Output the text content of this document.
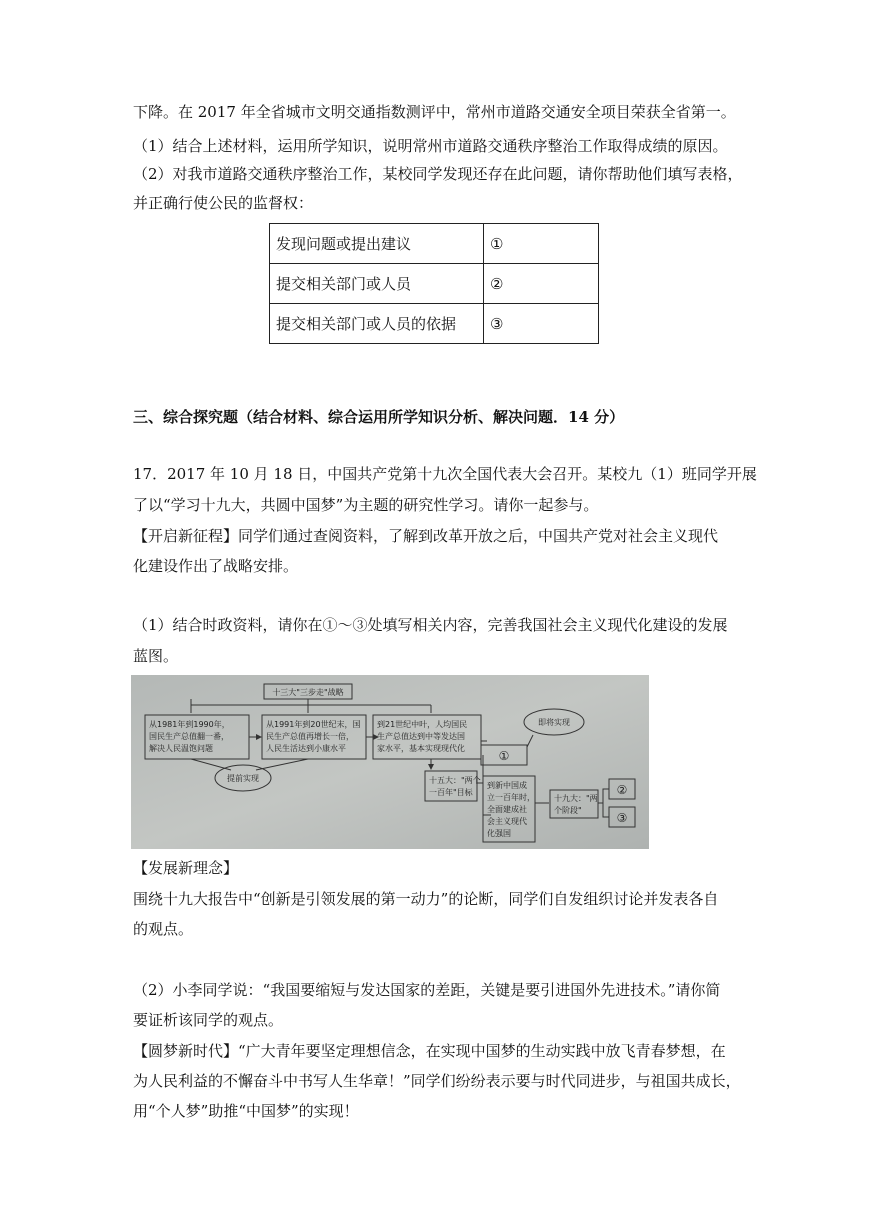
下降。在 2017 年全省城市文明交通指数测评中，常州市道路交通安全项目荣获全省第一。
（1）结合上述材料，运用所学知识，说明常州市道路交通秩序整治工作取得成绩的原因。
（2）对我市道路交通秩序整治工作，某校同学发现还存在此问题，请你帮助他们填写表格，
并正确行使公民的监督权：
发现问题或提出建议	①
提交相关部门或人员	②
提交相关部门或人员的依据	③
三、综合探究题（结合材料、综合运用所学知识分析、解决问题．14 分）
17．2017 年 10 月 18 日，中国共产党第十九次全国代表大会召开。某校九（1）班同学开展
了以“学习十九大，共圆中国梦”为主题的研究性学习。请你一起参与。
【开启新征程】同学们通过查阅资料，了解到改革开放之后，中国共产党对社会主义现代
化建设作出了战略安排。
（1）结合时政资料，请你在①～③处填写相关内容，完善我国社会主义现代化建设的发展
蓝图。
十三大"三步走"战略
从1981年到1990年，
国民生产总值翻一番，
解决人民温饱问题
从1991年到20世纪末，国
民生产总值再增长一倍，
人民生活达到小康水平
到21世纪中叶，人均国民
生产总值达到中等发达国
家水平，基本实现现代化
提前实现
①
即将实现
十五大："两个
一百年"目标
到新中国成
立一百年时，
全面建成社
会主义现代
化强国
十九大："两
个阶段"
②
③
【发展新理念】
围绕十九大报告中“创新是引领发展的第一动力”的论断，同学们自发组织讨论并发表各自
的观点。
（2）小李同学说：“我国要缩短与发达国家的差距，关键是要引进国外先进技术。”请你简
要证析该同学的观点。
【圆梦新时代】“广大青年要坚定理想信念，在实现中国梦的生动实践中放飞青春梦想，在
为人民利益的不懈奋斗中书写人生华章！”同学们纷纷表示要与时代同进步，与祖国共成长，
用“个人梦”助推“中国梦”的实现！
